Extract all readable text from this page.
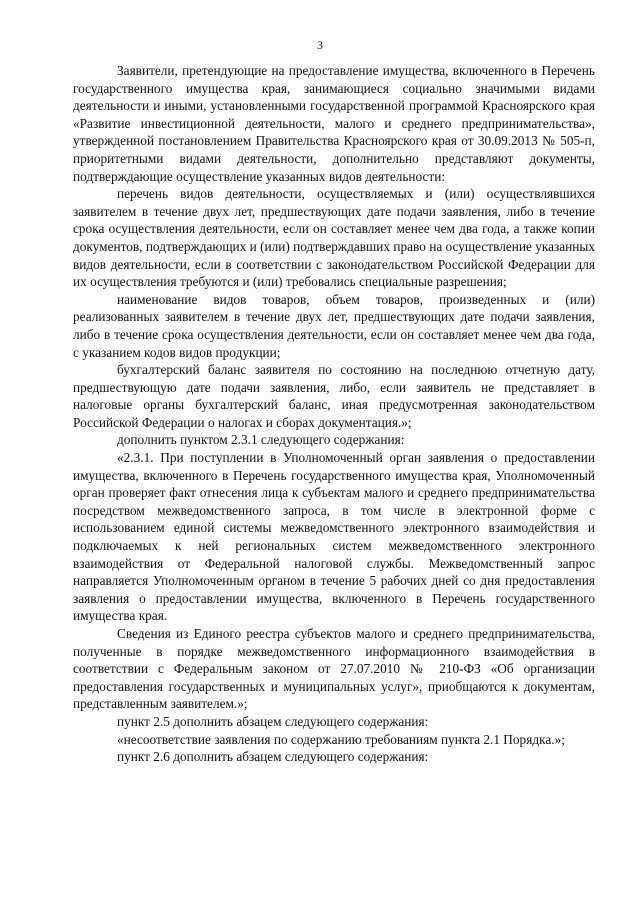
3

Заявители, претендующие на предоставление имущества, включенного в Перечень государственного имущества края, занимающиеся социально значимыми видами деятельности и иными, установленными государственной программой Красноярского края «Развитие инвестиционной деятельности, малого и среднего предпринимательства», утвержденной постановлением Правительства Красноярского края от 30.09.2013 № 505-п, приоритетными видами деятельности, дополнительно представляют документы, подтверждающие осуществление указанных видов деятельности:

перечень видов деятельности, осуществляемых и (или) осуществлявшихся заявителем в течение двух лет, предшествующих дате подачи заявления, либо в течение срока осуществления деятельности, если он составляет менее чем два года, а также копии документов, подтверждающих и (или) подтверждавших право на осуществление указанных видов деятельности, если в соответствии с законодательством Российской Федерации для их осуществления требуются и (или) требовались специальные разрешения;

наименование видов товаров, объем товаров, произведенных и (или) реализованных заявителем в течение двух лет, предшествующих дате подачи заявления, либо в течение срока осуществления деятельности, если он составляет менее чем два года, с указанием кодов видов продукции;

бухгалтерский баланс заявителя по состоянию на последнюю отчетную дату, предшествующую дате подачи заявления, либо, если заявитель не представляет в налоговые органы бухгалтерский баланс, иная предусмотренная законодательством Российской Федерации о налогах и сборах документация.»;

дополнить пунктом 2.3.1 следующего содержания:

«2.3.1. При поступлении в Уполномоченный орган заявления о предоставлении имущества, включенного в Перечень государственного имущества края, Уполномоченный орган проверяет факт отнесения лица к субъектам малого и среднего предпринимательства посредством межведомственного запроса, в том числе в электронной форме с использованием единой системы межведомственного электронного взаимодействия и подключаемых к ней региональных систем межведомственного электронного взаимодействия от Федеральной налоговой службы. Межведомственный запрос направляется Уполномоченным органом в течение 5 рабочих дней со дня предоставления заявления о предоставлении имущества, включенного в Перечень государственного имущества края.

Сведения из Единого реестра субъектов малого и среднего предпринимательства, полученные в порядке межведомственного информационного взаимодействия в соответствии с Федеральным законом от 27.07.2010 № 210-ФЗ «Об организации предоставления государственных и муниципальных услуг», приобщаются к документам, представленным заявителем.»;

пункт 2.5 дополнить абзацем следующего содержания:

«несоответствие заявления по содержанию требованиям пункта 2.1 Порядка.»;

пункт 2.6 дополнить абзацем следующего содержания:
